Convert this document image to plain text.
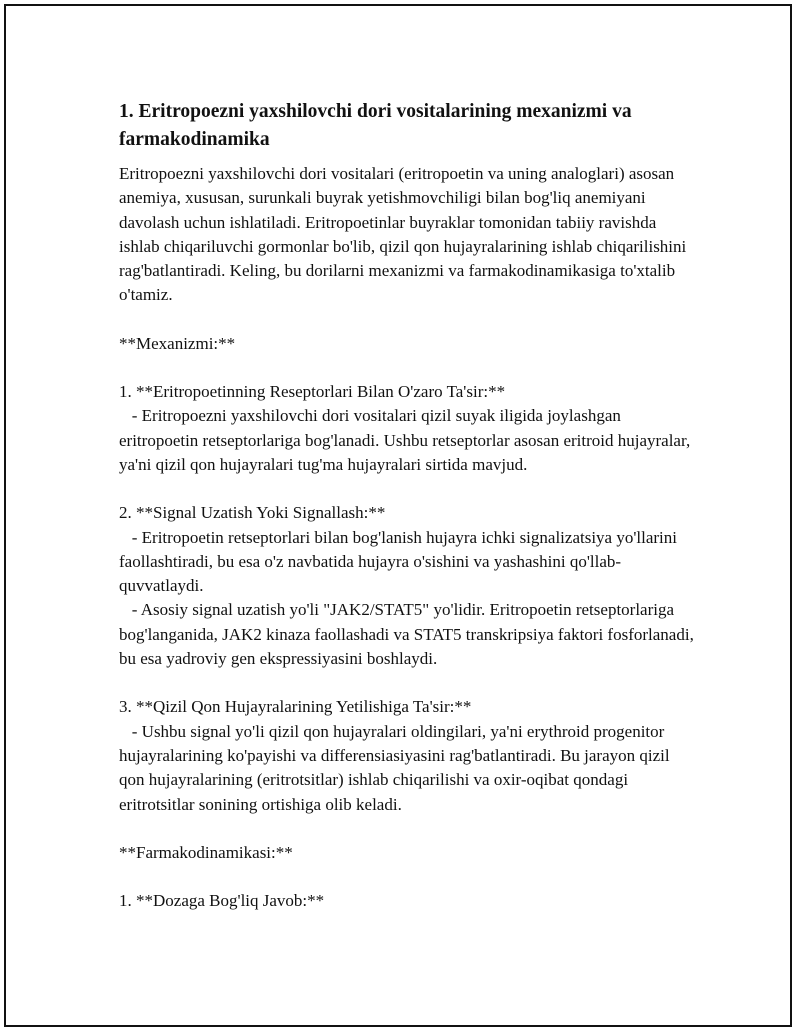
1. Eritropoezni yaxshilovchi dori vositalarining mexanizmi va farmakodinamika

Eritropoezni yaxshilovchi dori vositalari (eritropoetin va uning analoglari) asosan anemiya, xususan, surunkali buyrak yetishmovchiligi bilan bog'liq anemiyani davolash uchun ishlatiladi. Eritropoetinlar buyraklar tomonidan tabiiy ravishda ishlab chiqariluvchi gormonlar bo'lib, qizil qon hujayralarining ishlab chiqarilishini rag'batlantiradi. Keling, bu dorilarni mexanizmi va farmakodinamikasiga to'xtalib o'tamiz.

**Mexanizmi:**

1. **Eritropoetinning Reseptorlari Bilan O'zaro Ta'sir:**
- Eritropoezni yaxshilovchi dori vositalari qizil suyak iligida joylashgan eritropoetin retseptorlariga bog'lanadi. Ushbu retseptorlar asosan eritroid hujayralar, ya'ni qizil qon hujayralari tug'ma hujayralari sirtida mavjud.

2. **Signal Uzatish Yoki Signallash:**
- Eritropoetin retseptorlari bilan bog'lanish hujayra ichki signalizatsiya yo'llarini faollashtiradi, bu esa o'z navbatida hujayra o'sishini va yashashini qo'llab-quvvatlaydi.
- Asosiy signal uzatish yo'li "JAK2/STAT5" yo'lidir. Eritropoetin retseptorlariga bog'langanida, JAK2 kinaza faollashadi va STAT5 transkripsiya faktori fosforlanadi, bu esa yadroviy gen ekspressiyasini boshlaydi.

3. **Qizil Qon Hujayralarining Yetilishiga Ta'sir:**
- Ushbu signal yo'li qizil qon hujayralari oldingilari, ya'ni erythroid progenitor hujayralarining ko'payishi va differensiasiyasini rag'batlantiradi. Bu jarayon qizil qon hujayralarining (eritrotsitlar) ishlab chiqarilishi va oxir-oqibat qondagi eritrotsitlar sonining ortishiga olib keladi.

**Farmakodinamikasi:**

1. **Dozaga Bog'liq Javob:**
